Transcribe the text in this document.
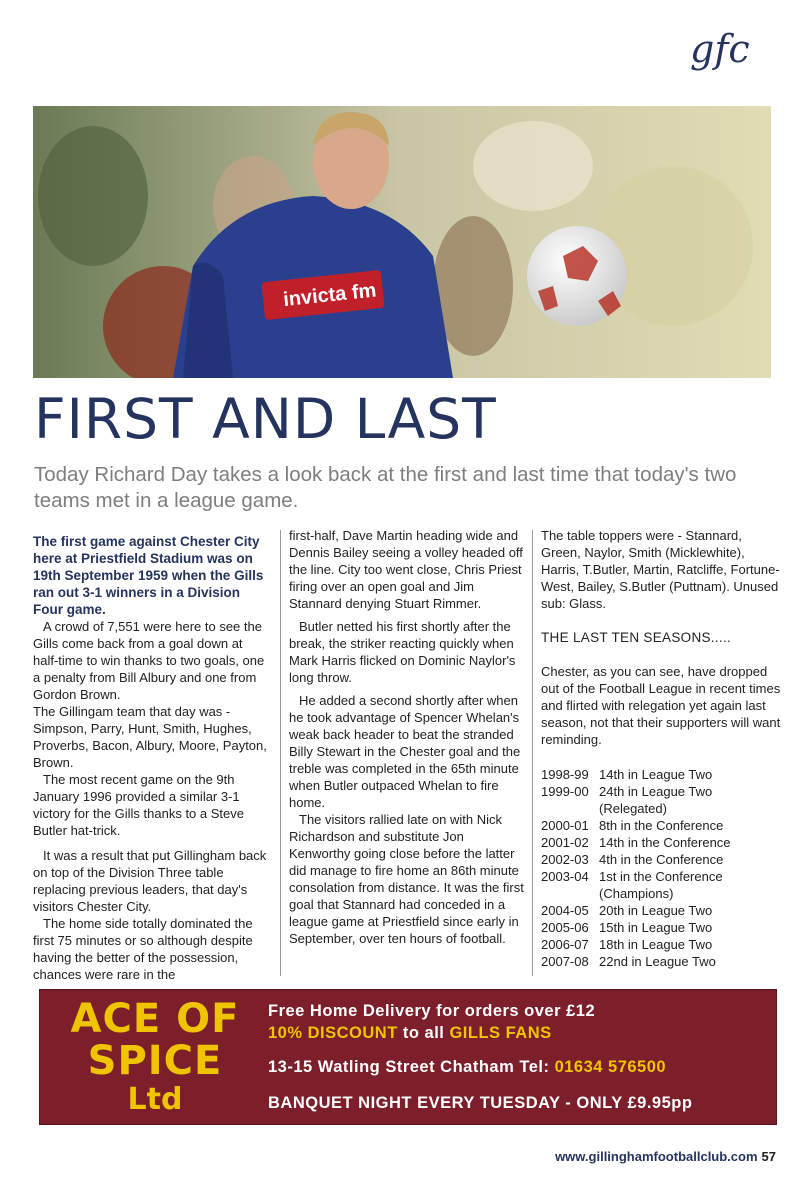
gfc
invicta fm
FIRST AND LAST

Today Richard Day takes a look back at the first and last time that today's two teams met in a league game.

The first game against Chester City here at Priestfield Stadium was on 19th September 1959 when the Gills ran out 3-1 winners in a Division Four game.

A crowd of 7,551 were here to see the Gills come back from a goal down at half-time to win thanks to two goals, one a penalty from Bill Albury and one from Gordon Brown.

The Gillingam team that day was - Simpson, Parry, Hunt, Smith, Hughes, Proverbs, Bacon, Albury, Moore, Payton, Brown.

The most recent game on the 9th January 1996 provided a similar 3-1 victory for the Gills thanks to a Steve Butler hat-trick.

It was a result that put Gillingham back on top of the Division Three table replacing previous leaders, that day's visitors Chester City.

The home side totally dominated the first 75 minutes or so although despite having the better of the possession, chances were rare in the

first-half, Dave Martin heading wide and Dennis Bailey seeing a volley headed off the line. City too went close, Chris Priest firing over an open goal and Jim Stannard denying Stuart Rimmer.

Butler netted his first shortly after the break, the striker reacting quickly when Mark Harris flicked on Dominic Naylor's long throw.

He added a second shortly after when he took advantage of Spencer Whelan's weak back header to beat the stranded Billy Stewart in the Chester goal and the treble was completed in the 65th minute when Butler outpaced Whelan to fire home.

The visitors rallied late on with Nick Richardson and substitute Jon Kenworthy going close before the latter did manage to fire home an 86th minute consolation from distance. It was the first goal that Stannard had conceded in a league game at Priestfield since early in September, over ten hours of football.

The table toppers were - Stannard, Green, Naylor, Smith (Micklewhite), Harris, T.Butler, Martin, Ratcliffe, Fortune-West, Bailey, S.Butler (Puttnam). Unused sub: Glass.

THE LAST TEN SEASONS.....

Chester, as you can see, have dropped out of the Football League in recent times and flirted with relegation yet again last season, not that their supporters will want reminding.

1998-99 14th in League Two
1999-00 24th in League Two
(Relegated)
2000-01 8th in the Conference
2001-02 14th in the Conference
2002-03 4th in the Conference
2003-04 1st in the Conference
(Champions)
2004-05 20th in League Two
2005-06 15th in League Two
2006-07 18th in League Two
2007-08 22nd in League Two
ACE OF
SPICE
Ltd
Free Home Delivery for orders over £12
10% DISCOUNT to all GILLS FANS
13-15 Watling Street Chatham Tel: 01634 576500
BANQUET NIGHT EVERY TUESDAY - ONLY £9.95pp
www.gillinghamfootballclub.com 57
